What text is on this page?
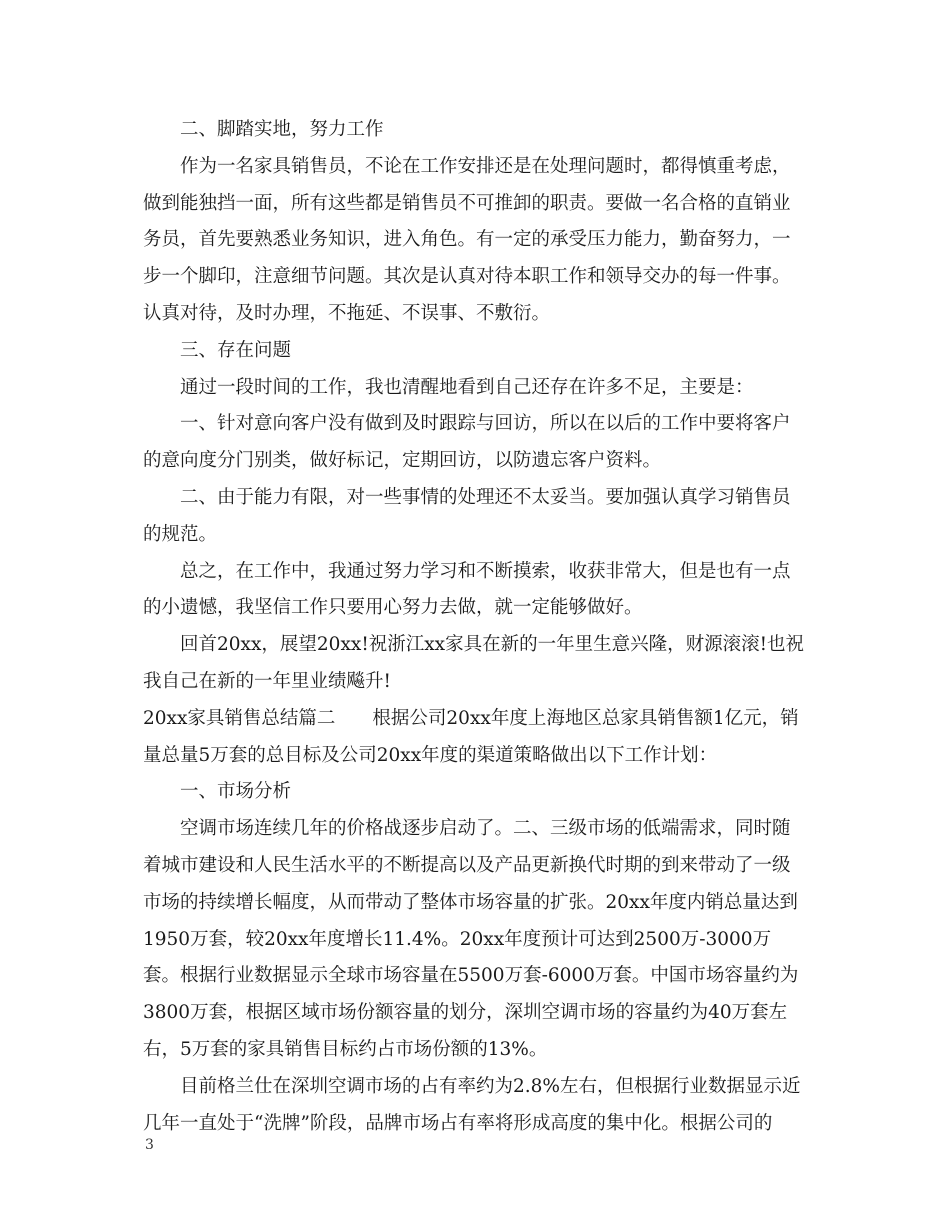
二、脚踏实地，努力工作

作为一名家具销售员，不论在工作安排还是在处理问题时，都得慎重考虑，做到能独挡一面，所有这些都是销售员不可推卸的职责。要做一名合格的直销业务员，首先要熟悉业务知识，进入角色。有一定的承受压力能力，勤奋努力，一步一个脚印，注意细节问题。其次是认真对待本职工作和领导交办的每一件事。认真对待，及时办理，不拖延、不误事、不敷衍。

三、存在问题

通过一段时间的工作，我也清醒地看到自己还存在许多不足，主要是：

一、针对意向客户没有做到及时跟踪与回访，所以在以后的工作中要将客户的意向度分门别类，做好标记，定期回访，以防遗忘客户资料。

二、由于能力有限，对一些事情的处理还不太妥当。要加强认真学习销售员的规范。

总之，在工作中，我通过努力学习和不断摸索，收获非常大，但是也有一点的小遗憾，我坚信工作只要用心努力去做，就一定能够做好。

回首20xx，展望20xx!祝浙江xx家具在新的一年里生意兴隆，财源滚滚!也祝我自己在新的一年里业绩飚升!

20xx家具销售总结篇二　　根据公司20xx年度上海地区总家具销售额1亿元，销量总量5万套的总目标及公司20xx年度的渠道策略做出以下工作计划：

一、市场分析

空调市场连续几年的价格战逐步启动了。二、三级市场的低端需求，同时随着城市建设和人民生活水平的不断提高以及产品更新换代时期的到来带动了一级市场的持续增长幅度，从而带动了整体市场容量的扩张。20xx年度内销总量达到1950万套，较20xx年度增长11.4%。20xx年度预计可达到2500万-3000万套。根据行业数据显示全球市场容量在5500万套-6000万套。中国市场容量约为3800万套，根据区域市场份额容量的划分，深圳空调市场的容量约为40万套左右，5万套的家具销售目标约占市场份额的13%。

目前格兰仕在深圳空调市场的占有率约为2.8%左右，但根据行业数据显示近几年一直处于“洗牌”阶段，品牌市场占有率将形成高度的集中化。根据公司的

3
